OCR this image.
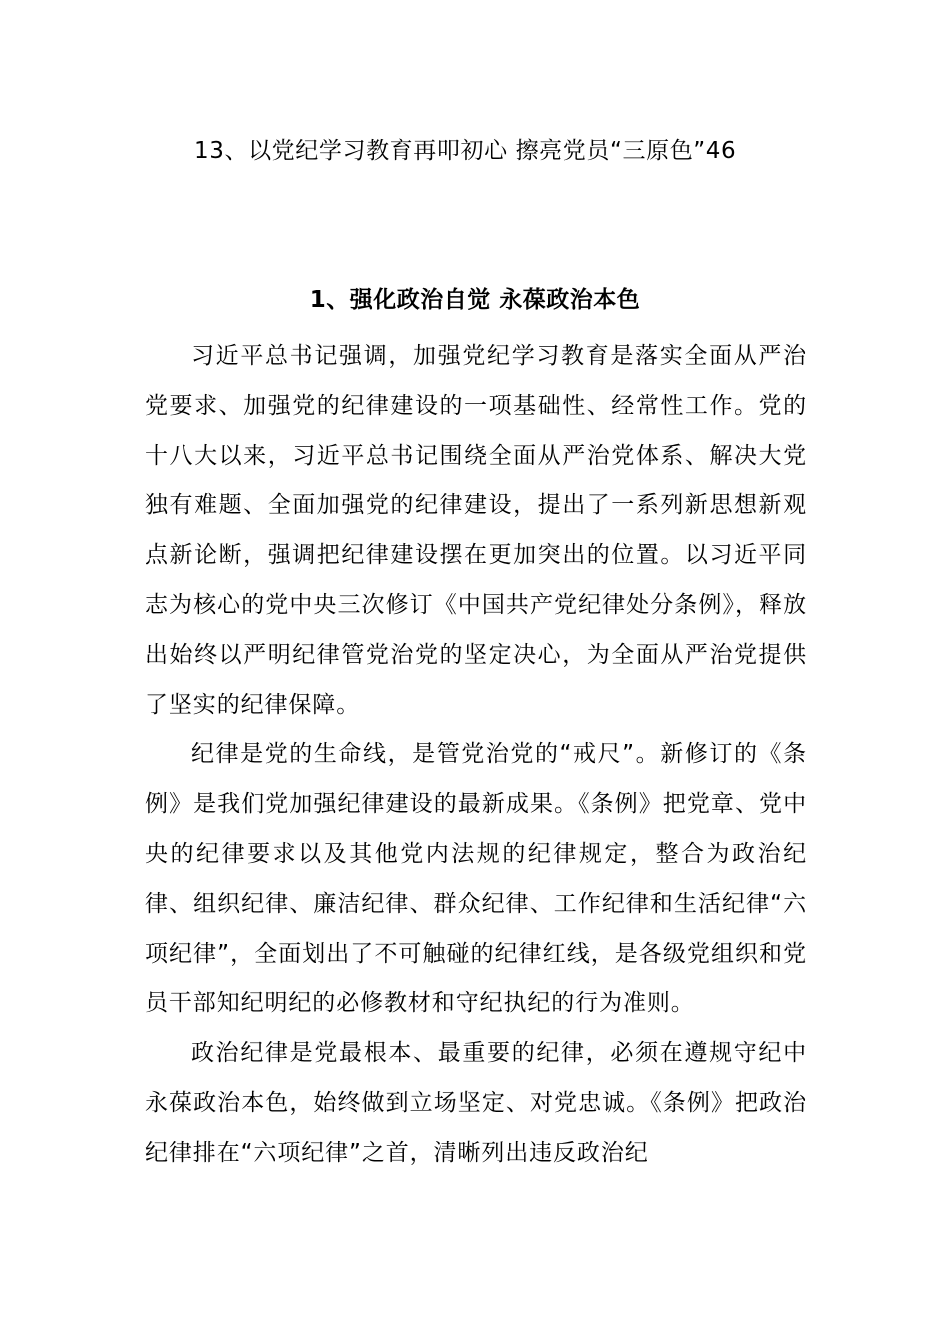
13、以党纪学习教育再叩初心 擦亮党员“三原色”46
1、强化政治自觉 永葆政治本色

习近平总书记强调，加强党纪学习教育是落实全面从严治党要求、加强党的纪律建设的一项基础性、经常性工作。党的十八大以来，习近平总书记围绕全面从严治党体系、解决大党独有难题、全面加强党的纪律建设，提出了一系列新思想新观点新论断，强调把纪律建设摆在更加突出的位置。以习近平同志为核心的党中央三次修订《中国共产党纪律处分条例》，释放出始终以严明纪律管党治党的坚定决心，为全面从严治党提供了坚实的纪律保障。

纪律是党的生命线，是管党治党的“戒尺”。新修订的《条例》是我们党加强纪律建设的最新成果。《条例》把党章、党中央的纪律要求以及其他党内法规的纪律规定，整合为政治纪律、组织纪律、廉洁纪律、群众纪律、工作纪律和生活纪律“六项纪律”，全面划出了不可触碰的纪律红线，是各级党组织和党员干部知纪明纪的必修教材和守纪执纪的行为准则。

政治纪律是党最根本、最重要的纪律，必须在遵规守纪中永葆政治本色，始终做到立场坚定、对党忠诚。《条例》把政治纪律排在“六项纪律”之首，清晰列出违反政治纪
